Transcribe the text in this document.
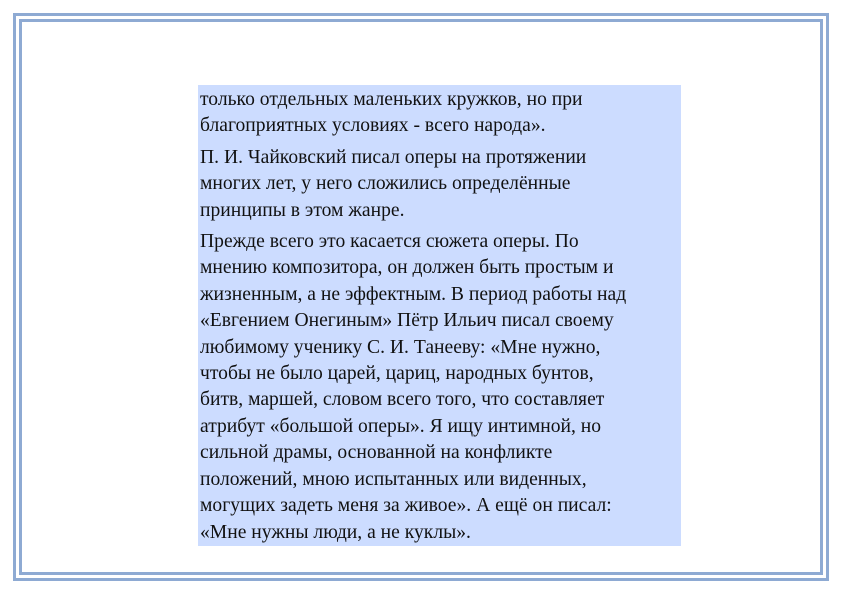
только отдельных маленьких кружков, но при
благоприятных условиях - всего народа».

П. И. Чайковский писал оперы на протяжении
многих лет, у него сложились определённые
принципы в этом жанре.

Прежде всего это касается сюжета оперы. По
мнению композитора, он должен быть простым и
жизненным, а не эффектным. В период работы над
«Евгением Онегиным» Пётр Ильич писал своему
любимому ученику С. И. Танееву: «Мне нужно,
чтобы не было царей, цариц, народных бунтов,
битв, маршей, словом всего того, что составляет
атрибут «большой оперы». Я ищу интимной, но
сильной драмы, основанной на конфликте
положений, мною испытанных или виденных,
могущих задеть меня за живое». А ещё он писал:
«Мне нужны люди, а не куклы».
